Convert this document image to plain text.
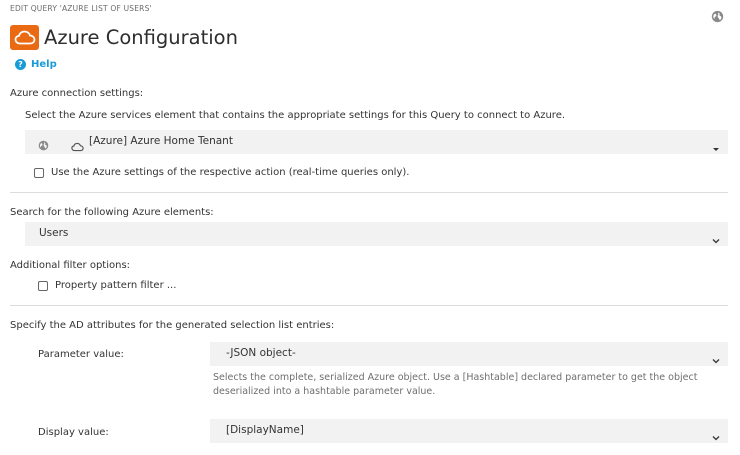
EDIT QUERY 'AZURE LIST OF USERS'
Azure Configuration
? Help
Azure connection settings:
Select the Azure services element that contains the appropriate settings for this Query to connect to Azure.
[Azure] Azure Home Tenant
Use the Azure settings of the respective action (real-time queries only).
Search for the following Azure elements:
Users
Additional filter options:
Property pattern filter ...
Specify the AD attributes for the generated selection list entries:
Parameter value:	-JSON object-
Selects the complete, serialized Azure object. Use a [Hashtable] declared parameter to get the object deserialized into a hashtable parameter value.
Display value:	[DisplayName]
